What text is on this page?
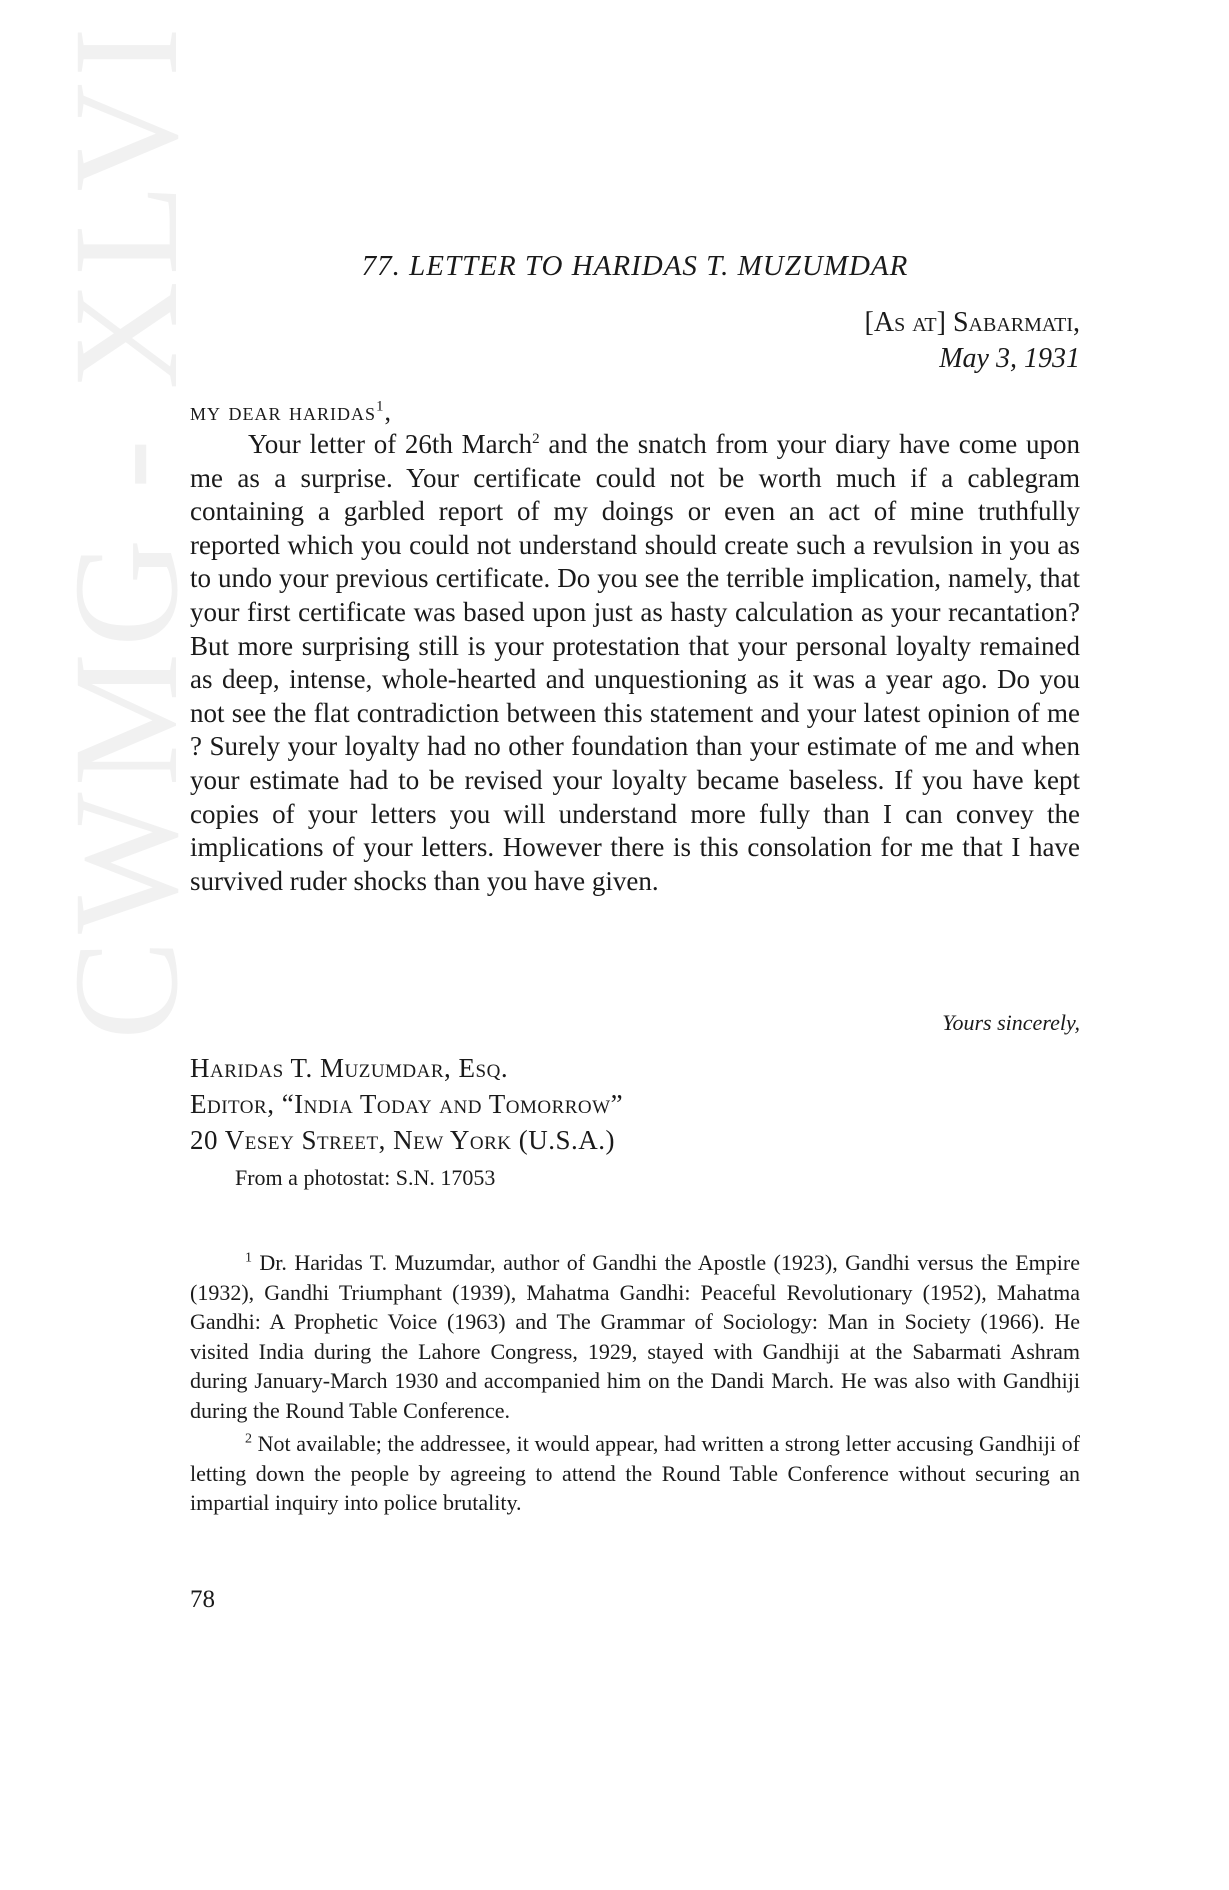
CWMG - XLVI	77. LETTER TO HARIDAS T. MUZUMDAR
[As at] Sabarmati,
May 3, 1931
my dear haridas$^1$,

Your letter of 26th March$^2$ and the snatch from your diary have come upon me as a surprise. Your certificate could not be worth much if a cablegram containing a garbled report of my doings or even an act of mine truthfully reported which you could not understand should create such a revulsion in you as to undo your previous certificate. Do you see the terrible implication, namely, that your first certificate was based upon just as hasty calculation as your recantation? But more surprising still is your protestation that your personal loyalty remained as deep, intense, whole-hearted and unquestioning as it was a year ago. Do you not see the flat contradiction between this statement and your latest opinion of me ? Surely your loyalty had no other foundation than your estimate of me and when your estimate had to be revised your loyalty became baseless. If you have kept copies of your letters you will understand more fully than I can convey the implications of your letters. However there is this consolation for me that I have survived ruder shocks than you have given.

Yours sincerely,
Haridas T. Muzumdar, Esq.
Editor, “India Today and Tomorrow”
20 Vesey Street, New York (U.S.A.)
From a photostat: S.N. 17053

$^1$ Dr. Haridas T. Muzumdar, author of Gandhi the Apostle (1923), Gandhi versus the Empire (1932), Gandhi Triumphant (1939), Mahatma Gandhi: Peaceful Revolutionary (1952), Mahatma Gandhi: A Prophetic Voice (1963) and The Grammar of Sociology: Man in Society (1966). He visited India during the Lahore Congress, 1929, stayed with Gandhiji at the Sabarmati Ashram during January-March 1930 and accompanied him on the Dandi March. He was also with Gandhiji during the Round Table Conference.

$^2$ Not available; the addressee, it would appear, had written a strong letter accusing Gandhiji of letting down the people by agreeing to attend the Round Table Conference without securing an impartial inquiry into police brutality.

78
